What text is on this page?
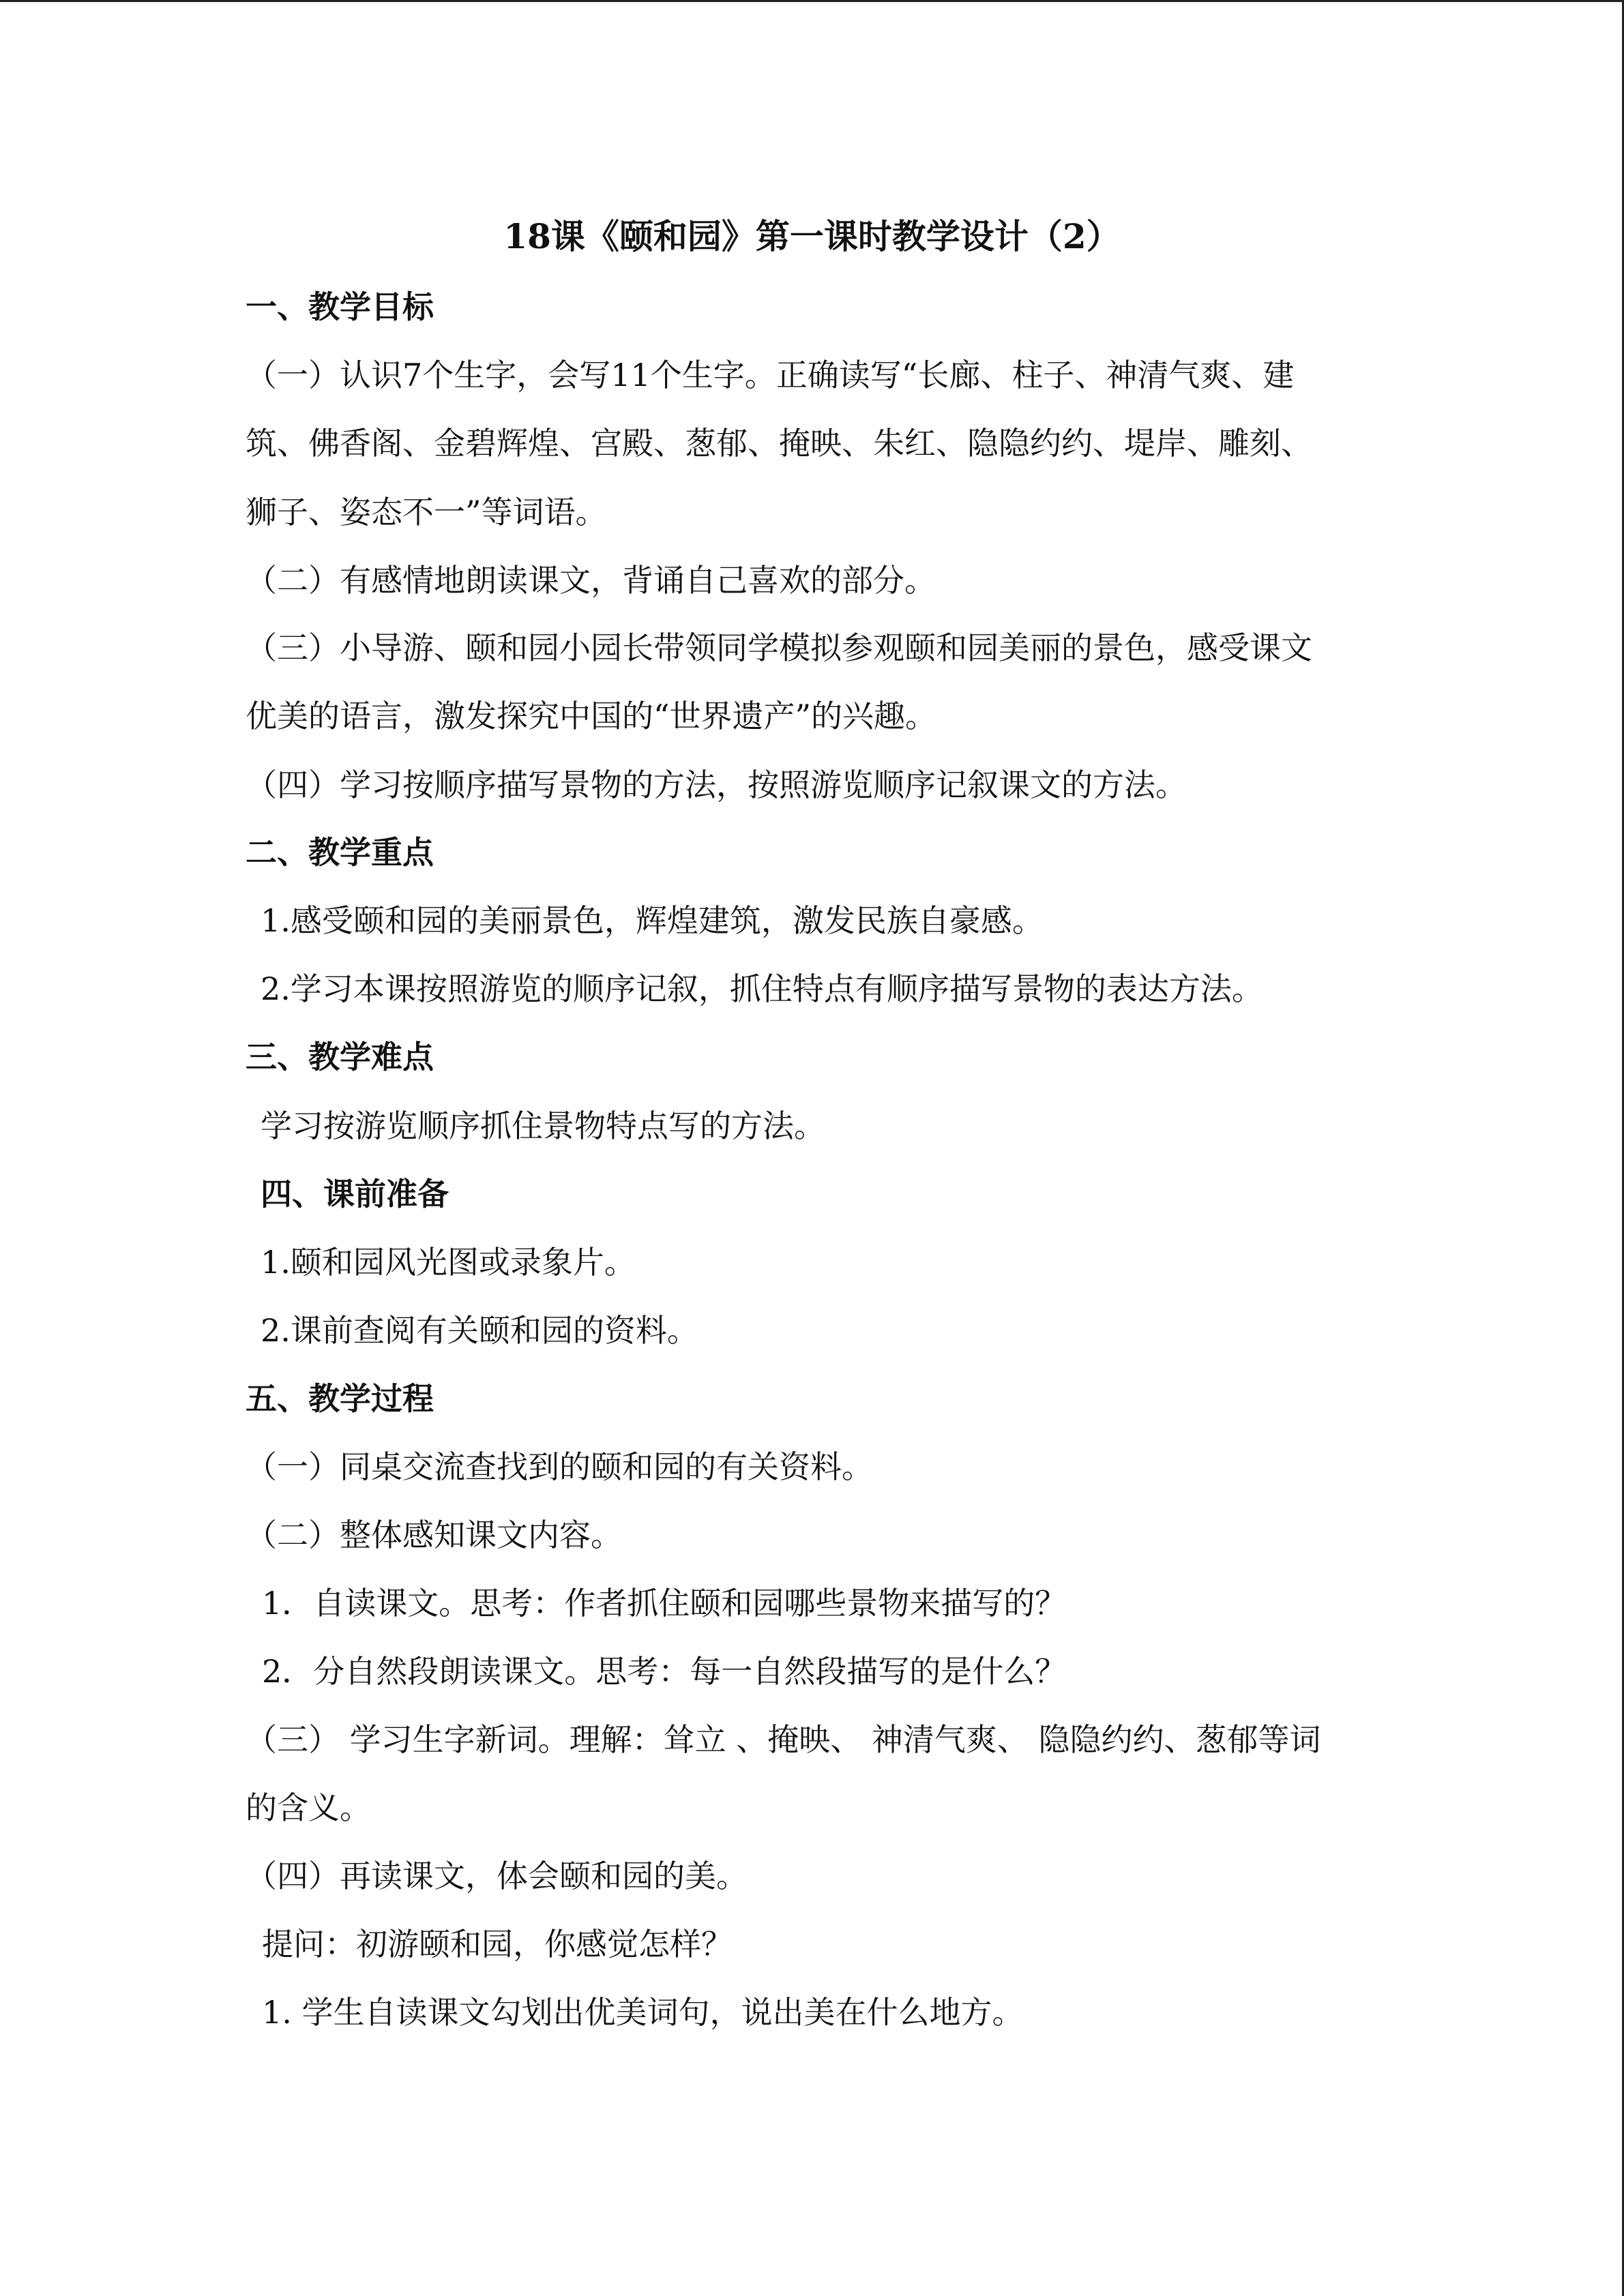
18课《颐和园》第一课时教学设计（2）
一、教学目标
（一）认识7个生字，会写11个生字。正确读写“长廊、柱子、神清气爽、建
筑、佛香阁、金碧辉煌、宫殿、葱郁、掩映、朱红、隐隐约约、堤岸、雕刻、
狮子、姿态不一”等词语。
（二）有感情地朗读课文，背诵自己喜欢的部分。
（三）小导游、颐和园小园长带领同学模拟参观颐和园美丽的景色，感受课文
优美的语言，激发探究中国的“世界遗产”的兴趣。
（四）学习按顺序描写景物的方法，按照游览顺序记叙课文的方法。
二、教学重点
1.感受颐和园的美丽景色，辉煌建筑，激发民族自豪感。
2.学习本课按照游览的顺序记叙，抓住特点有顺序描写景物的表达方法。
三、教学难点
学习按游览顺序抓住景物特点写的方法。
四、课前准备
1.颐和园风光图或录象片。
2.课前查阅有关颐和园的资料。
五、教学过程
（一）同桌交流查找到的颐和园的有关资料。
（二）整体感知课文内容。
1．自读课文。思考：作者抓住颐和园哪些景物来描写的？
2．分自然段朗读课文。思考：每一自然段描写的是什么？
（三） 学习生字新词。理解：耸立 、掩映、 神清气爽、 隐隐约约、葱郁等词
的含义。
（四）再读课文，体会颐和园的美。
提问：初游颐和园，你感觉怎样？
1. 学生自读课文勾划出优美词句，说出美在什么地方。
